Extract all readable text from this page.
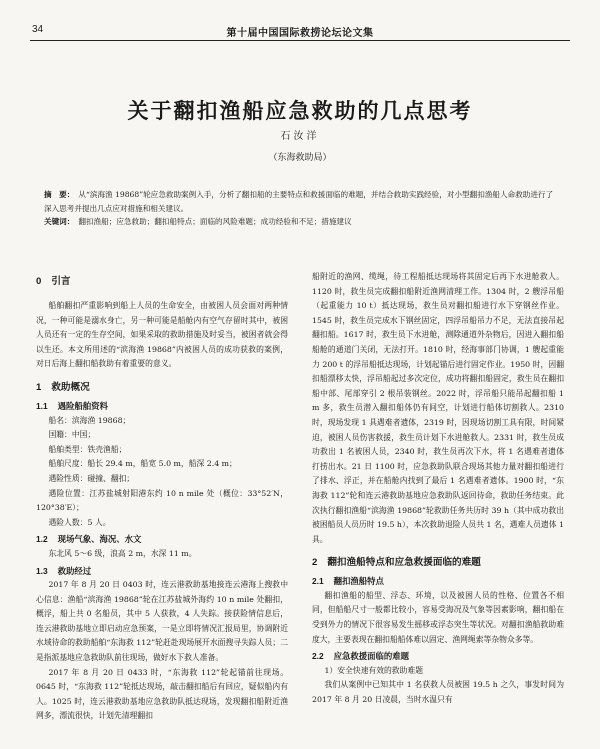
34	第十届中国国际救捞论坛论文集
关于翻扣渔船应急救助的几点思考
石汝洋
（东海救助局）

摘　要： 从“滨海渔 19868”轮应急救助案例入手，分析了翻扣船的主要特点和救援面临的难题，并结合救助实践经验，对小型翻扣渔船人命救助进行了深入思考并提出几点应对措施和相关建议。

关键词： 翻扣渔船；应急救助；翻扣船特点；面临的风险难题；成功经验和不足；措施建议

0 引言

船舶翻扣严重影响到船上人员的生命安全，由被困人员会面对两种情况，一种可能是溺水身亡，另一种可能是船舱内有空气存留时其中，被困人员还有一定的生存空间，如果采取的救助措施及时妥当，被困者就会得以生还。本文所用述的“滨海渔 19868”内被困人员的成功获救的案例，对日后海上翻扣船救助有着重要的意义。

1 救助概况
1.1 遇险船舶资料

船名：滨海渔 19868；

国籍：中国；

船舶类型：铁壳渔船；

船舶尺度：船长 29.4 m，船宽 5.0 m，船深 2.4 m；

遇险性质：碰撞、翻扣；

遇险位置：江苏盐城射阳港东约 10 n mile 处（概位：33°52′N，120°38′E）；

遇险人数：5 人。

1.2 现场气象、海况、水文

东北风 5～6 级，浪高 2 m，水深 11 m。

1.3 救助经过

2017 年 8 月 20 日 0403 时，连云港救助基地接连云港海上搜救中心信息：渔船“滨海渔 19868”轮在江苏盐城外海约 10 n mile 处翻扣，概浮，船上共 0 名船员，其中 5 人获救，4 人失踪。接获险情信息后，连云港救助基地立即启动应急预案，一是立即将情况汇报局里，协调附近水域待命的救助船舶“东海救 112”轮赶赴现场展开水面搜寻失踪人员；二是指派基地应急救助队前往现场，做好水下救人准备。

2017 年 8 月 20 日 0433 时，“东海救 112”轮起锚前往现场。0645 时，“东海救 112”轮抵达现场，敲击翻扣船后有回应，疑似船内有人。1025 时，连云港救助基地应急救助队抵达现场，发现翻扣船附近渔网多，漂流很快，计划先清理翻扣

船附近的渔网、缆绳，待工程船抵达现场将其固定后再下水进舱救人。1120 时，救生员完成翻扣船附近渔网清理工作。1304 时，2 艘浮吊船（起重能力 10 t）抵达现场，救生员对翻扣船进行水下穿钢丝作业。1545 时，救生员完成水下钢丝固定，四浮吊船吊力不足，无法直接吊起翻扣船。1617 时，救生员下水进舱，测除通道外杂物后，因进入翻扣船船舱的通道门关闭，无法打开。1810 时，经海事部门协调，1 艘起重能力 200 t 的浮吊船抵达现场，计划起锚后进行固定作业。1950 时，因翻扣船漂移太快，浮吊船起过多次定位，成功将翻扣船固定，救生员在翻扣船中部、尾部穿引 2 根吊装钢丝。2022 时，浮吊船只能吊起翻扣船 1 m 多，救生员潜入翻扣船体仍有间空，计划进行船体切割救人。2310 时，现场发现 1 具遇难者遗体，2319 时，因现场切割工具有限，时间紧迫，被困人员伤害救援，救生员计划下水进舱救人。2331 时，救生员成功救出 1 名被困人员，2340 时，救生员再次下水，将 1 名遇难者遗体打捞出水。21 日 1100 时，应急救助队联合现场其他力量对翻扣船进行了排水、浮正，并在船舱内找到了最后 1 名遇难者遗体。1900 时，“东海救 112”轮和连云港救助基地应急救助队返回待命，救助任务结束。此次执行翻扣渔船“滨海渔 19868”轮救助任务共历时 39 h（其中成功救出被困船员人员历时 19.5 h），本次救助退险人员共 1 名，遇难人员遗体 1 具。

2 翻扣渔船特点和应急救援面临的难题
2.1 翻扣渔船特点

翻扣渔船的船型、浮态、环境，以及被困人员的性格、位置各不相同，但船船尺寸一般都比较小，容易受海况及气象等因素影响，翻扣船在受到外力的情况下很容易发生摇移或浮态突生等状况。对翻扣渔船救助难度大，主要表现在翻扣船船体难以固定、渔网绳索等杂物众多等。

2.2 应急救援面临的难题

1）安全快速有效的救助难题

我们从案例中已知其中 1 名获救人员被困 19.5 h 之久，事发时间为 2017 年 8 月 20 日凌晨，当时水温只有
